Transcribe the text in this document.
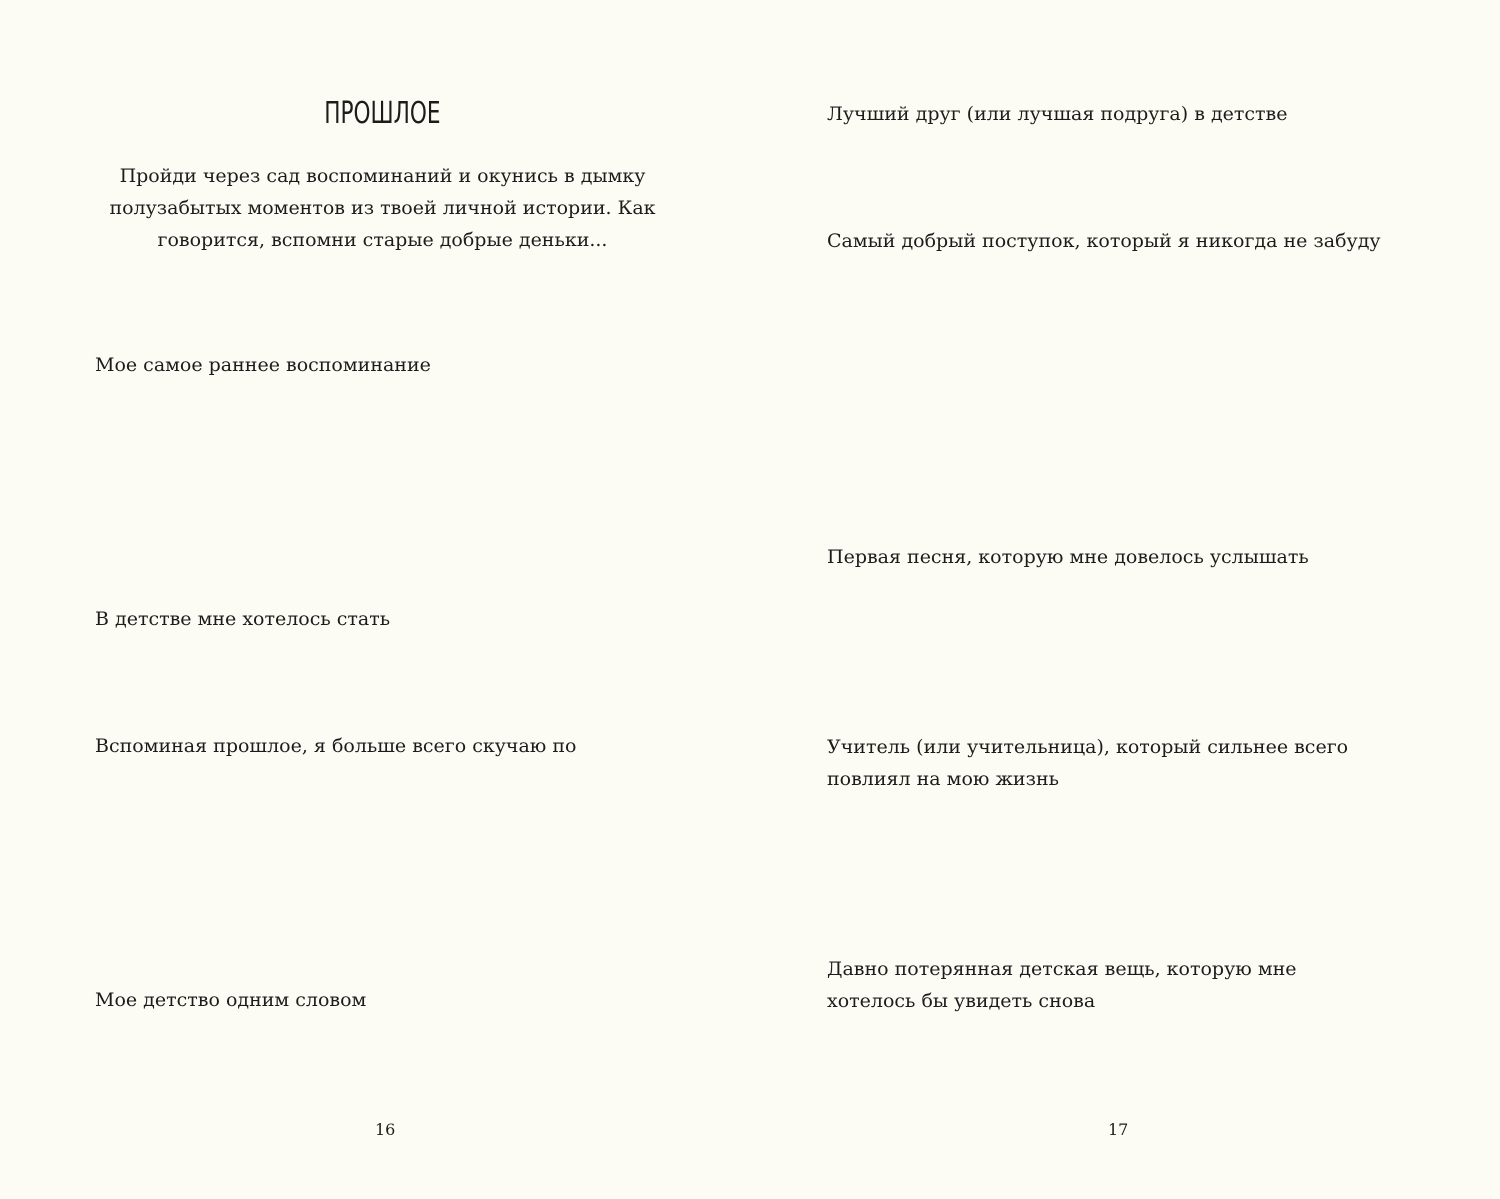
ПРОШЛОЕ

Пройди через сад воспоминаний и окунись в дымку полузабытых моментов из твоей личной истории. Как говорится, вспомни старые добрые деньки...

Мое самое раннее воспоминание

В детстве мне хотелось стать

Вспоминая прошлое, я больше всего скучаю по

Мое детство одним словом

16

Лучший друг (или лучшая подруга) в детстве

Самый добрый поступок, который я никогда не забуду

Первая песня, которую мне довелось услышать

Учитель (или учительница), который сильнее всего повлиял на мою жизнь

Давно потерянная детская вещь, которую мне хотелось бы увидеть снова

17
